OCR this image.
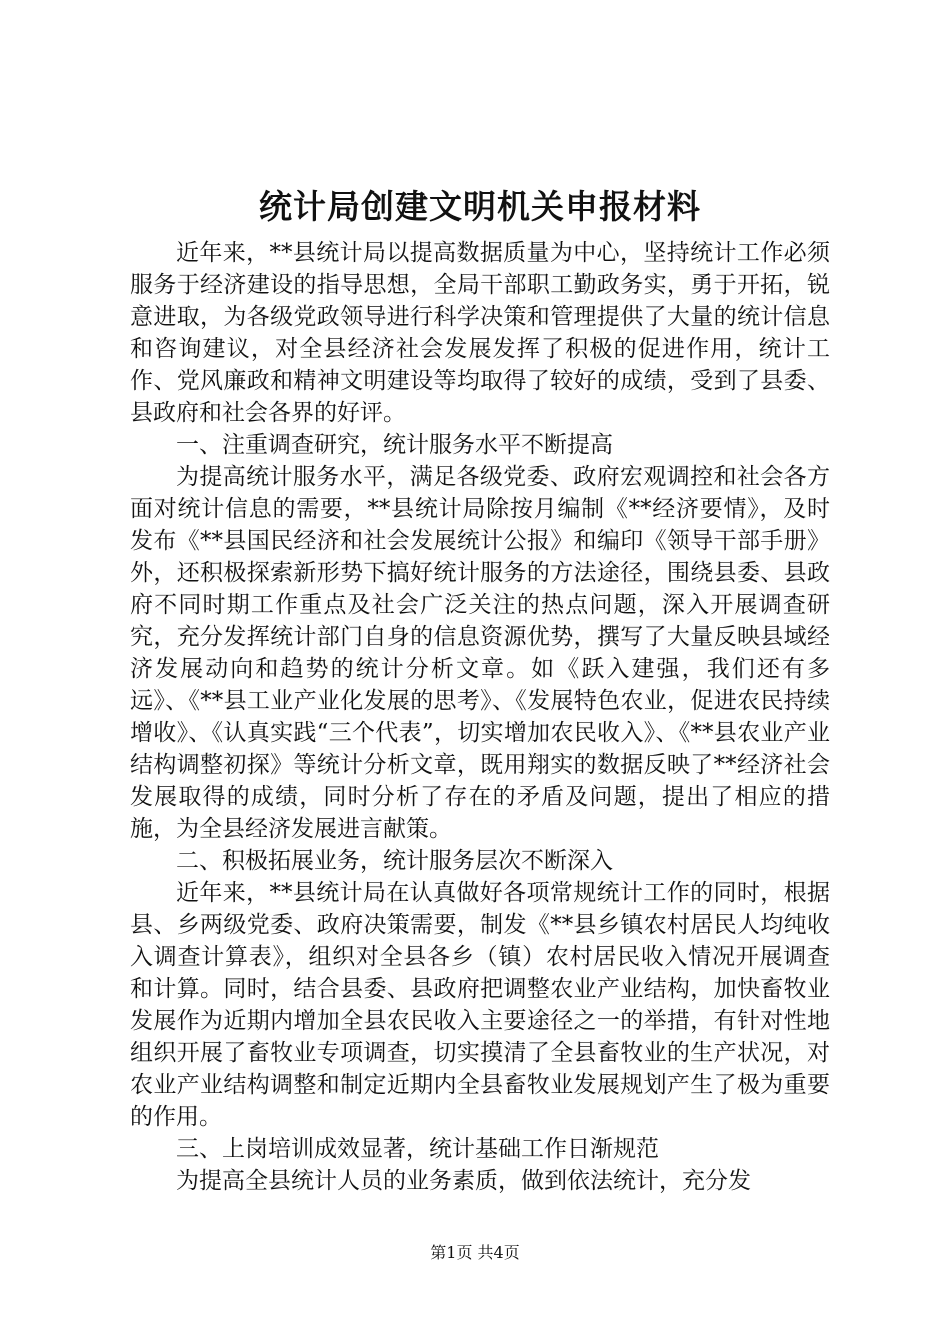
统计局创建文明机关申报材料

近年来，**县统计局以提高数据质量为中心，坚持统计工作必须服务于经济建设的指导思想，全局干部职工勤政务实，勇于开拓，锐意进取，为各级党政领导进行科学决策和管理提供了大量的统计信息和咨询建议，对全县经济社会发展发挥了积极的促进作用，统计工作、党风廉政和精神文明建设等均取得了较好的成绩，受到了县委、县政府和社会各界的好评。

一、注重调查研究，统计服务水平不断提高

为提高统计服务水平，满足各级党委、政府宏观调控和社会各方面对统计信息的需要，**县统计局除按月编制《**经济要情》，及时发布《**县国民经济和社会发展统计公报》和编印《领导干部手册》外，还积极探索新形势下搞好统计服务的方法途径，围绕县委、县政府不同时期工作重点及社会广泛关注的热点问题，深入开展调查研究，充分发挥统计部门自身的信息资源优势，撰写了大量反映县域经济发展动向和趋势的统计分析文章。如《跃入建强，我们还有多远》、《**县工业产业化发展的思考》、《发展特色农业，促进农民持续增收》、《认真实践“三个代表”，切实增加农民收入》、《**县农业产业结构调整初探》等统计分析文章，既用翔实的数据反映了**经济社会发展取得的成绩，同时分析了存在的矛盾及问题，提出了相应的措施，为全县经济发展进言献策。

二、积极拓展业务，统计服务层次不断深入

近年来，**县统计局在认真做好各项常规统计工作的同时，根据县、乡两级党委、政府决策需要，制发《**县乡镇农村居民人均纯收入调查计算表》，组织对全县各乡（镇）农村居民收入情况开展调查和计算。同时，结合县委、县政府把调整农业产业结构，加快畜牧业发展作为近期内增加全县农民收入主要途径之一的举措，有针对性地组织开展了畜牧业专项调查，切实摸清了全县畜牧业的生产状况，对农业产业结构调整和制定近期内全县畜牧业发展规划产生了极为重要的作用。

三、上岗培训成效显著，统计基础工作日渐规范

为提高全县统计人员的业务素质，做到依法统计，充分发

第1页 共4页
